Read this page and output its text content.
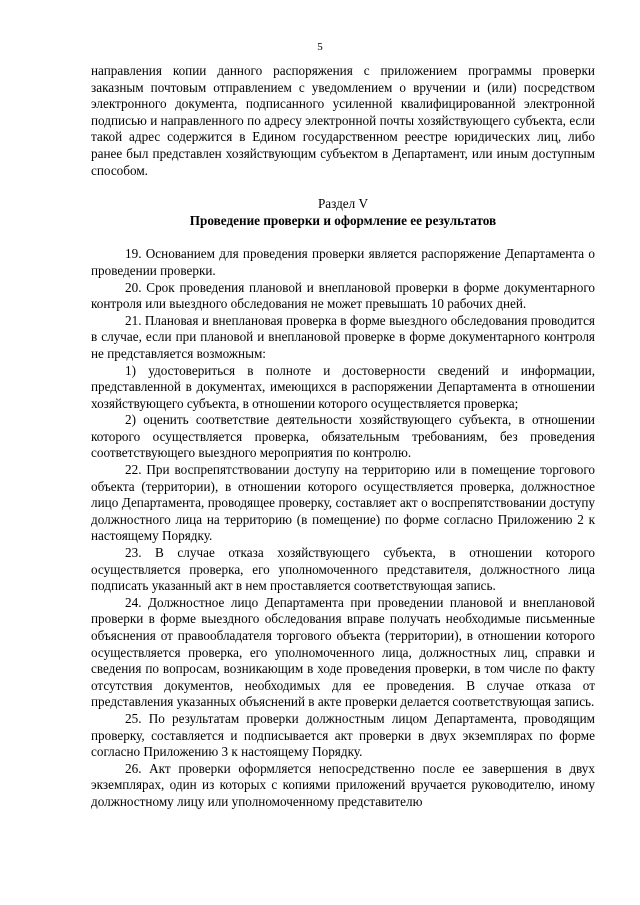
5

направления копии данного распоряжения с приложением программы проверки заказным почтовым отправлением с уведомлением о вручении и (или) посредством электронного документа, подписанного усиленной квалифицированной электронной подписью и направленного по адресу электронной почты хозяйствующего субъекта, если такой адрес содержится в Едином государственном реестре юридических лиц, либо ранее был представлен хозяйствующим субъектом в Департамент, или иным доступным способом.

Раздел V

Проведение проверки и оформление ее результатов

19. Основанием для проведения проверки является распоряжение Департамента о проведении проверки.

20. Срок проведения плановой и внеплановой проверки в форме документарного контроля или выездного обследования не может превышать 10 рабочих дней.

21. Плановая и внеплановая проверка в форме выездного обследования проводится в случае, если при плановой и внеплановой проверке в форме документарного контроля не представляется возможным:

1) удостовериться в полноте и достоверности сведений и информации, представленной в документах, имеющихся в распоряжении Департамента в отношении хозяйствующего субъекта, в отношении которого осуществляется проверка;

2) оценить соответствие деятельности хозяйствующего субъекта, в отношении которого осуществляется проверка, обязательным требованиям, без проведения соответствующего выездного мероприятия по контролю.

22. При воспрепятствовании доступу на территорию или в помещение торгового объекта (территории), в отношении которого осуществляется проверка, должностное лицо Департамента, проводящее проверку, составляет акт о воспрепятствовании доступу должностного лица на территорию (в помещение) по форме согласно Приложению 2 к настоящему Порядку.

23. В случае отказа хозяйствующего субъекта, в отношении которого осуществляется проверка, его уполномоченного представителя, должностного лица подписать указанный акт в нем проставляется соответствующая запись.

24. Должностное лицо Департамента при проведении плановой и внеплановой проверки в форме выездного обследования вправе получать необходимые письменные объяснения от правообладателя торгового объекта (территории), в отношении которого осуществляется проверка, его уполномоченного лица, должностных лиц, справки и сведения по вопросам, возникающим в ходе проведения проверки, в том числе по факту отсутствия документов, необходимых для ее проведения. В случае отказа от представления указанных объяснений в акте проверки делается соответствующая запись.

25. По результатам проверки должностным лицом Департамента, проводящим проверку, составляется и подписывается акт проверки в двух экземплярах по форме согласно Приложению 3 к настоящему Порядку.

26. Акт проверки оформляется непосредственно после ее завершения в двух экземплярах, один из которых с копиями приложений вручается руководителю, иному должностному лицу или уполномоченному представителю
